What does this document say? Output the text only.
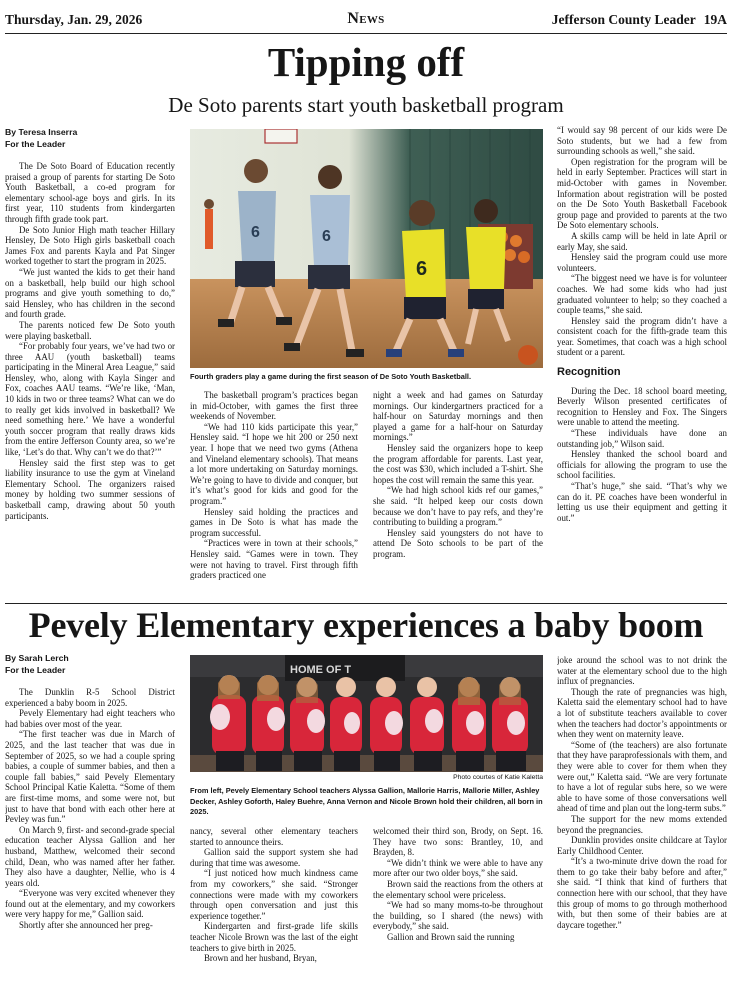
Thursday, Jan. 29, 2026	News	Jefferson County Leader 19A
Tipping off
De Soto parents start youth basketball program
By Teresa Inserra
For the Leader

The De Soto Board of Education recently praised a group of parents for starting De Soto Youth Basketball, a co-ed program for elementary school-age boys and girls. In its first year, 110 students from kindergarten through fifth grade took part.

De Soto Junior High math teacher Hillary Hensley, De Soto High girls basketball coach James Fox and parents Kayla and Pat Singer worked together to start the program in 2025.

“We just wanted the kids to get their hand on a basketball, help build our high school programs and give youth something to do,” said Hensley, who has children in the second and fourth grade.

The parents noticed few De Soto youth were playing basketball.

“For probably four years, we’ve had two or three AAU (youth basketball) teams participating in the Mineral Area League,” said Hensley, who, along with Kayla Singer and Fox, coaches AAU teams. “We’re like, ‘Man, 10 kids in two or three teams? What can we do to really get kids involved in basketball? We need something here.’ We have a wonderful youth soccer program that really draws kids from the entire Jefferson County area, so we’re like, ‘Let’s do that. Why can’t we do that?’”

Hensley said the first step was to get liability insurance to use the gym at Vineland Elementary School. The organizers raised money by holding two summer sessions of basketball camp, drawing about 50 youth participants.

6	6
6
Fourth graders play a game during the first season of De Soto Youth Basketball.

The basketball program’s practices began in mid-October, with games the first three weekends of November.

“We had 110 kids participate this year,” Hensley said. “I hope we hit 200 or 250 next year. I hope that we need two gyms (Athena and Vineland elementary schools). That means a lot more undertaking on Saturday mornings. We’re going to have to divide and conquer, but it’s what’s good for kids and good for the program.”

Hensley said holding the practices and games in De Soto is what has made the program successful.

“Practices were in town at their schools,” Hensley said. “Games were in town. They were not having to travel. First through fifth graders practiced one

night a week and had games on Saturday mornings. Our kindergartners practiced for a half-hour on Saturday mornings and then played a game for a half-hour on Saturday mornings.”

Hensley said the organizers hope to keep the program affordable for parents. Last year, the cost was $30, which included a T-shirt. She hopes the cost will remain the same this year.

“We had high school kids ref our games,” she said. “It helped keep our costs down because we don’t have to pay refs, and they’re contributing to building a program.”

Hensley said youngsters do not have to attend De Soto schools to be part of the program.

“I would say 98 percent of our kids were De Soto students, but we had a few from surrounding schools as well,” she said.

Open registration for the program will be held in early September. Practices will start in mid-October with games in November. Information about registration will be posted on the De Soto Youth Basketball Facebook group page and provided to parents at the two De Soto elementary schools.

A skills camp will be held in late April or early May, she said.

Hensley said the program could use more volunteers.

“The biggest need we have is for volunteer coaches. We had some kids who had just graduated volunteer to help; so they coached a couple teams,” she said.

Hensley said the program didn’t have a consistent coach for the fifth-grade team this year. Sometimes, that coach was a high school student or a parent.

Recognition

During the Dec. 18 school board meeting, Beverly Wilson presented certificates of recognition to Hensley and Fox. The Singers were unable to attend the meeting.

“These individuals have done an outstanding job,” Wilson said.

Hensley thanked the school board and officials for allowing the program to use the school facilities.

“That’s huge,” she said. “That’s why we can do it. PE coaches have been wonderful in letting us use their equipment and getting it out.”

Pevely Elementary experiences a baby boom
By Sarah Lerch
For the Leader

The Dunklin R-5 School District experienced a baby boom in 2025.

Pevely Elementary had eight teachers who had babies over most of the year.

“The first teacher was due in March of 2025, and the last teacher that was due in September of 2025, so we had a couple spring babies, a couple of summer babies, and then a couple fall babies,” said Pevely Elementary School Principal Katie Kaletta. “Some of them are first-time moms, and some were not, but just to have that bond with each other here at Pevley was fun.”

On March 9, first- and second-grade special education teacher Alyssa Gallion and her husband, Matthew, welcomed their second child, Dean, who was named after her father. They also have a daughter, Nellie, who is 4 years old.

“Everyone was very excited whenever they found out at the elementary, and my coworkers were very happy for me,” Gallion said.

Shortly after she announced her preg-

HOME OF T
Photo courtes of Katie Kaletta
From left, Pevely Elementary School teachers Alyssa Gallion, Mallorie Harris, Mallorie Miller, Ashley Decker, Ashley Goforth, Haley Buehre, Anna Vernon and Nicole Brown hold their children, all born in 2025.

nancy, several other elementary teachers started to announce theirs.

Gallion said the support system she had during that time was awesome.

“I just noticed how much kindness came from my coworkers,” she said. “Stronger connections were made with my coworkers through open conversation and just this experience together.”

Kindergarten and first-grade life skills teacher Nicole Brown was the last of the eight teachers to give birth in 2025.

Brown and her husband, Bryan,

welcomed their third son, Brody, on Sept. 16. They have two sons: Brantley, 10, and Brayden, 8.

“We didn’t think we were able to have any more after our two older boys,” she said.

Brown said the reactions from the others at the elementary school were priceless.

“We had so many moms-to-be throughout the building, so I shared (the news) with everybody,” she said.

Gallion and Brown said the running

joke around the school was to not drink the water at the elementary school due to the high influx of pregnancies.

Though the rate of pregnancies was high, Kaletta said the elementary school had to have a lot of substitute teachers available to cover when the teachers had doctor’s appointments or when they went on maternity leave.

“Some of (the teachers) are also fortunate that they have paraprofessionals with them, and they were able to cover for them when they were out,” Kaletta said. “We are very fortunate to have a lot of regular subs here, so we were able to have some of those conversations well ahead of time and plan out the long-term subs.”

The support for the new moms extended beyond the pregnancies.

Dunklin provides onsite childcare at Taylor Early Childhood Center.

“It’s a two-minute drive down the road for them to go take their baby before and after,” she said. “I think that kind of furthers that connection here with our school, that they have this group of moms to go through motherhood with, but then some of their babies are at daycare together.”
